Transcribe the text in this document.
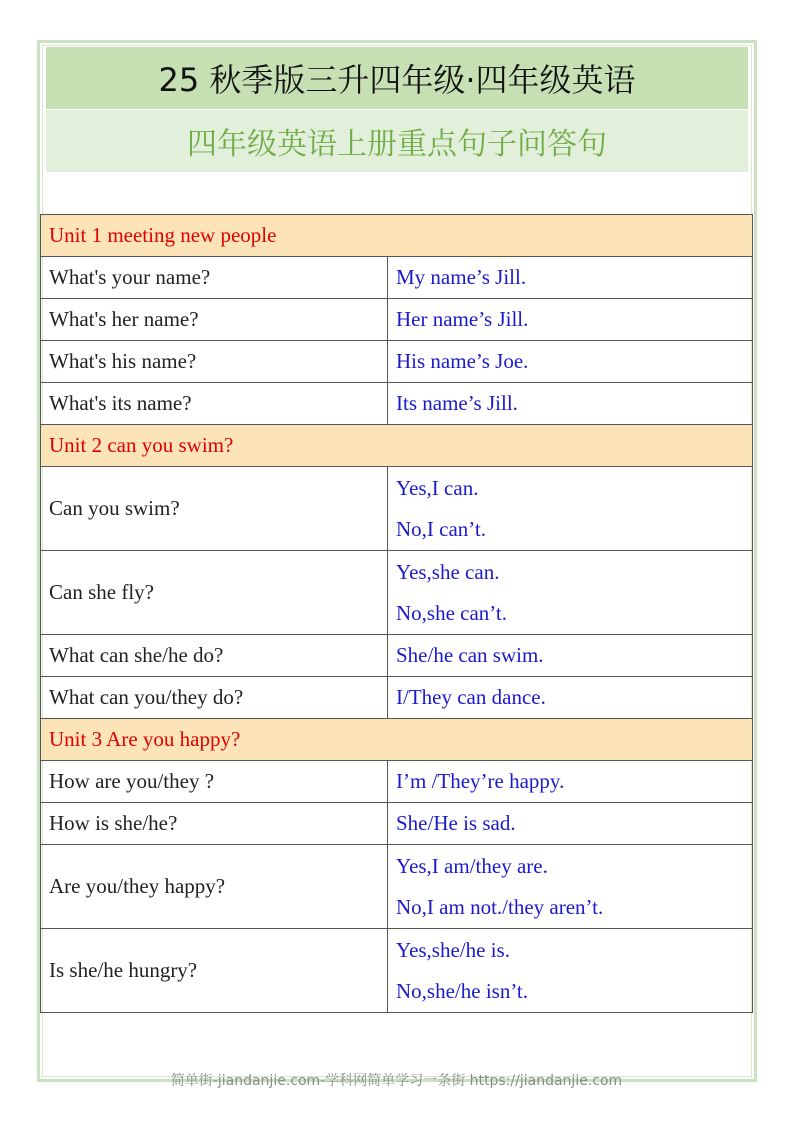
25 秋季版三升四年级·四年级英语
四年级英语上册重点句子问答句
Unit 1 meeting new people	
What's your name?	My name’s Jill.

What's her name?	Her name’s Jill.

What's his name?	His name’s Joe.

What's its name?	Its name’s Jill.

Unit 2 can you swim?	
Can you swim?	Yes,I can.
No,I can’t.

Can she fly?	Yes,she can.
No,she can’t.

What can she/he do?	She/he can swim.

What can you/they do?	I/They can dance.

Unit 3 Are you happy?	
How are you/they ?	I’m /They’re happy.

How is she/he?	She/He is sad.

Are you/they happy?	Yes,I am/they are.
No,I am not./they aren’t.

Is she/he hungry?	Yes,she/he is.
No,she/he isn’t.
简单街-jiandanjie.com-学科网简单学习一条街 https://jiandanjie.com
